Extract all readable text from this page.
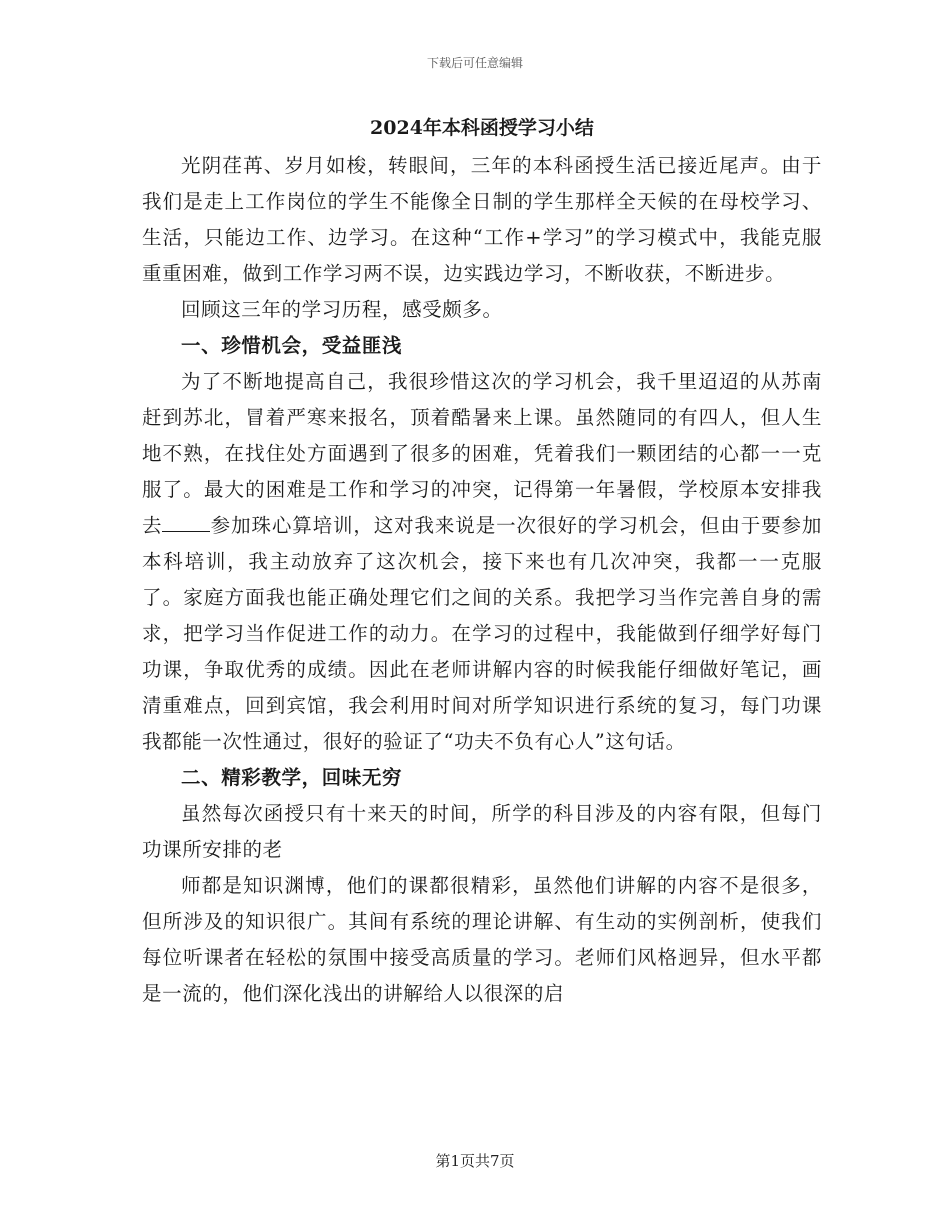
下载后可任意编辑
2024年本科函授学习小结

光阴荏苒、岁月如梭，转眼间，三年的本科函授生活已接近尾声。由于我们是走上工作岗位的学生不能像全日制的学生那样全天候的在母校学习、生活，只能边工作、边学习。在这种“工作+学习”的学习模式中，我能克服重重困难，做到工作学习两不误，边实践边学习，不断收获，不断进步。

回顾这三年的学习历程，感受颇多。

一、珍惜机会，受益匪浅

为了不断地提高自己，我很珍惜这次的学习机会，我千里迢迢的从苏南赶到苏北，冒着严寒来报名，顶着酷暑来上课。虽然随同的有四人，但人生地不熟，在找住处方面遇到了很多的困难，凭着我们一颗团结的心都一一克服了。最大的困难是工作和学习的冲突，记得第一年暑假，学校原本安排我去 参加珠心算培训，这对我来说是一次很好的学习机会，但由于要参加本科培训，我主动放弃了这次机会，接下来也有几次冲突，我都一一克服了。家庭方面我也能正确处理它们之间的关系。我把学习当作完善自身的需求，把学习当作促进工作的动力。在学习的过程中，我能做到仔细学好每门功课，争取优秀的成绩。因此在老师讲解内容的时候我能仔细做好笔记，画清重难点，回到宾馆，我会利用时间对所学知识进行系统的复习，每门功课我都能一次性通过，很好的验证了“功夫不负有心人”这句话。

二、精彩教学，回味无穷

虽然每次函授只有十来天的时间，所学的科目涉及的内容有限，但每门功课所安排的老

师都是知识渊博，他们的课都很精彩，虽然他们讲解的内容不是很多，但所涉及的知识很广。其间有系统的理论讲解、有生动的实例剖析，使我们每位听课者在轻松的氛围中接受高质量的学习。老师们风格迥异，但水平都是一流的，他们深化浅出的讲解给人以很深的启

第1页共7页
